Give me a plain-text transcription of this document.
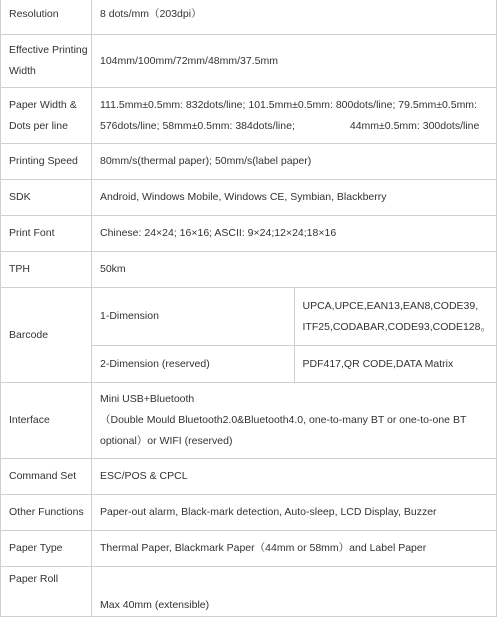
Resolution	8 dots/mm（203dpi）	

Effective Printing
Width	104mm/100mm/72mm/48mm/37.5mm	

Paper Width &
Dots per line	111.5mm±0.5mm: 832dots/line; 101.5mm±0.5mm: 800dots/line; 79.5mm±0.5mm:
576dots/line; 58mm±0.5mm: 384dots/line; 44mm±0.5mm: 300dots/line	

Printing Speed	80mm/s(thermal paper); 50mm/s(label paper)	
SDK	Android, Windows Mobile, Windows CE, Symbian, Blackberry	
Print Font	Chinese: 24×24; 16×16; ASCII: 9×24;12×24;18×16	
TPH	50km	
Barcode	1-Dimension	UPCA,UPCE,EAN13,EAN8,CODE39,
ITF25,CODABAR,CODE93,CODE128。

	2-Dimension (reserved)	PDF417,QR CODE,DATA Matrix
Interface	Mini USB+Bluetooth
（Double Mould Bluetooth2.0&Bluetooth4.0, one-to-many BT or one-to-one BT
optional）or WIFI (reserved)	

Command Set	ESC/POS & CPCL	
Other Functions	Paper-out alarm, Black-mark detection, Auto-sleep, LCD Display, Buzzer	
Paper Type	Thermal Paper, Blackmark Paper（44mm or 58mm）and Label Paper	
Paper Roll	Max 40mm (extensible)	
